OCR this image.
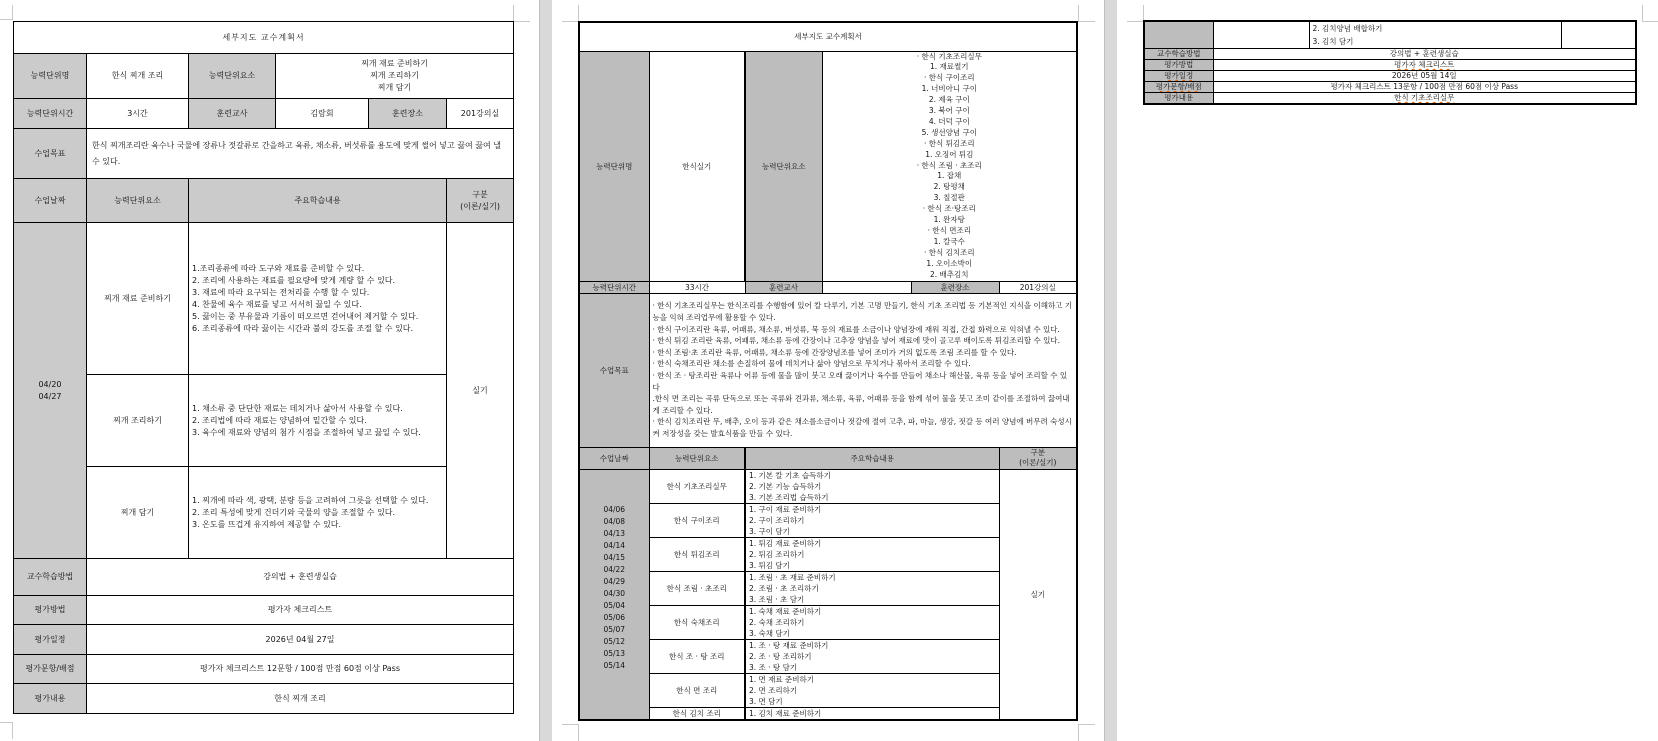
세부지도 교수계획서					
능력단위명	한식 찌개 조리	능력단위요소	찌개 재료 준비하기
찌개 조리하기
찌개 담기		

능력단위시간	3시간	훈련교사	김람회	훈련장소	201강의실
수업목표	한식 찌개조리란 육수나 국물에 장류나 젓갈류로 간을하고 육류, 채소류, 버섯류를 용도에 맞게 썰어 넣고 끓여 끓여 낼 수 있다.				
수업날짜	능력단위요소	주요학습내용			구분
(이론/실기)

04/20
04/27
	찌개 재료 준비하기	
1.조리종류에 따라 도구와 재료를 준비할 수 있다.
2. 조리에 사용하는 재료를 필요량에 맞게 계량 할 수 있다.
3. 재료에 따라 요구되는 전처리를 수행 할 수 있다.
4. 찬물에 육수 재료를 넣고 서서히 끓일 수 있다.
5. 끓이는 중 부유물과 기름이 떠오르면 걷어내어 제거할 수 있다.
6. 조리종류에 따라 끓이는 시간과 불의 강도를 조절 할 수 있다.
	실기
	찌개 조리하기	1. 채소류 중 단단한 재료는 데치거나 삶아서 사용할 수 있다.
2. 조리법에 따라 재료는 양념하여 밑간할 수 있다.
3. 육수에 재료와 양념의 첨가 시점을 조절하여 넣고 끓일 수 있다.			

	찌개 담기	1. 찌개에 따라 색, 광택, 분량 등을 고려하여 그릇을 선택할 수 있다.
2. 조리 특성에 맞게 건더기와 국물의 양을 조절할 수 있다.
3. 온도를 뜨겁게 유지하여 제공할 수 있다.			

교수학습방법	강의법 + 훈련생실습				
평가방법	평가자 체크리스트				
평가일정	2026년 04월 27일				
평가문항/배점	평가자 체크리스트 12문항 / 100점 만점 60점 이상 Pass				
평가내용	한식 찌개 조리				
세부지도 교수계획서					
능력단위명	한식실기	능력단위요소	
· 한식 기초조리실무
1. 재료썰기
· 한식 구이조리
1. 너비아니 구이
2. 제육 구이
3. 북어 구이
4. 더덕 구이
5. 생선양념 구이
· 한식 튀김조리
1. 오징어 튀김
· 한식 조림 · 초조리
1. 잡채
2. 탕평채
3. 칠절판
· 한식 조·탕조리
1. 완자탕
· 한식 면조리
1. 칼국수
· 한식 김치조리
1. 오이소박이
2. 배추김치

능력단위시간	33시간	훈련교사		훈련장소	201강의실
수업목표	
· 한식 기초조리실무는 한식조리를 수행함에 있어 칼 다루기, 기본 고명 만들기, 한식 기초 조리법 등 기본적인 지식을 이해하고 기능을 익혀 조리업무에 활용할 수 있다.
· 한식 구이조리란 육류, 어패류, 채소류, 버섯류, 묵 등의 재료를 소금이나 양념장에 재워 직접, 간접 화력으로 익혀낼 수 있다.
· 한식 튀김 조리란 육류, 어패류, 채소류 등에 간장이나 고추장 양념을 넣어 재료에 맛이 골고루 배이도록 튀김조리할 수 있다.
· 한식 조림·초 조리란 육류, 어패류, 채소류 등에 간장양념조를 넣어 조미가 거의 없도록 조림 조리를 할 수 있다.
· 한식 숙채조리란 채소를 손질하여 물에 데치거나 삶아 양념으로 무치거나 볶아서 조리할 수 있다.
· 한식 조 · 탕조리란 육류나 어류 등에 물을 많이 붓고 오래 끓이거나 육수를 만들어 채소나 해산물, 육류 등을 넣어 조리할 수 있다
.한식 면 조리는 곡류 단독으로 또는 곡류와 견과류, 채소류, 육류, 어패류 등을 함께 섞어 물을 붓고 조미 같이를 조절하여 끓여내게 조리할 수 있다.
· 한식 김치조리란 무, 배추, 오이 등과 같은 채소를소금이나 젓갈에 절여 고추, 파, 마늘, 생강, 젓갈 등 여러 양념에 버무려 숙성시켜 저장성을 갖는 발효식품을 만들 수 있다.

수업날짜	능력단위요소	주요학습내용			구분
(이론/실기)

04/06
04/08
04/13
04/14
04/15
04/22
04/29
04/30
05/04
05/06
05/07
05/12
05/13
05/14
	한식 기초조리실무	
1. 기본 칼 기초 습득하기
2. 기본 기능 습득하기
3. 기본 조리법 습득하기
	실기
	한식 구이조리	1. 구이 재료 준비하기
2. 구이 조리하기
3. 구이 담기			

	한식 튀김조리	1. 튀김 재료 준비하기
2. 튀김 조리하기
3. 튀김 담기			

	한식 조림 · 초조리	1. 조림 · 초 재료 준비하기
2. 조림 · 초 조리하기
3. 조림 · 초 담기			

	한식 숙채조리	1. 숙채 재료 준비하기
2. 숙채 조리하기
3. 숙채 담기			

	한식 조 · 탕 조리	1. 조 · 탕 재료 준비하기
2. 조 · 탕 조리하기
3. 조 · 탕 담기			

	한식 면 조리	1. 면 재료 준비하기
2. 면 조리하기
3. 면 담기			

	한식 김치 조리	1. 김치 재료 준비하기			

		2. 김치양념 배합하기
3. 김치 담기	

교수학습방법	강의법 + 훈련생실습		
평가방법	평가자 체크리스트		
평가일정	2026년 05월 14일		
평가문항/배점	평가자 체크리스트 13문항 / 100점 만점 60점 이상 Pass		
평가내용	한식 기초조리실무		
